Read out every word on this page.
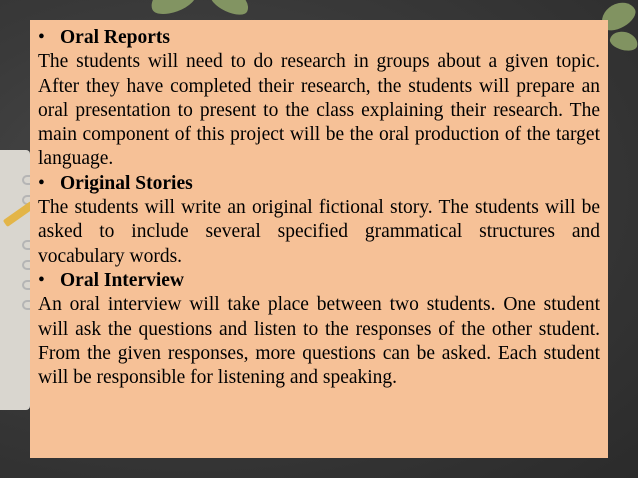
• Oral Reports

The students will need to do research in groups about a given topic. After they have completed their research, the students will prepare an oral presentation to present to the class explaining their research. The main component of this project will be the oral production of the target language.

• Original Stories

The students will write an original fictional story. The students will be asked to include several specified grammatical structures and vocabulary words.

• Oral Interview

An oral interview will take place between two students. One student will ask the questions and listen to the responses of the other student. From the given responses, more questions can be asked. Each student will be responsible for listening and speaking.
